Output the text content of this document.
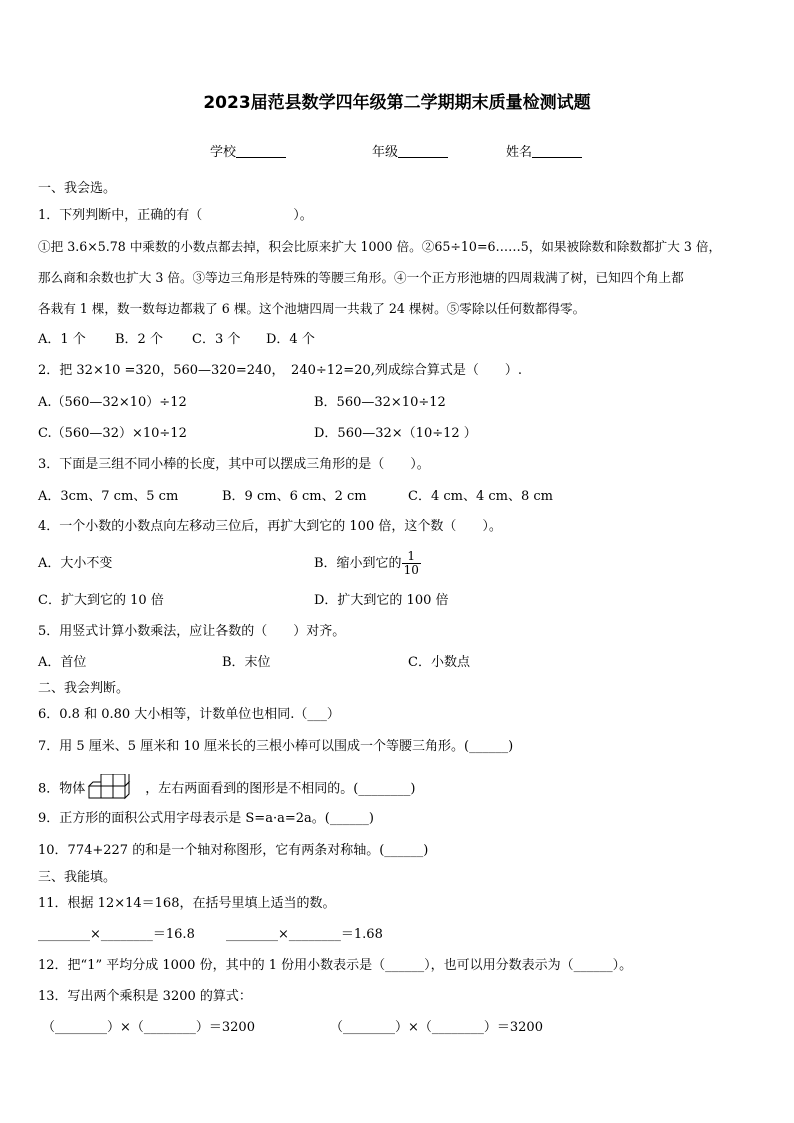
2023届范县数学四年级第二学期期末质量检测试题
学校	年级	姓名
一、我会选。
1．下列判断中，正确的有（　　　　　　　）。
①把 3.6×5.78 中乘数的小数点都去掉，积会比原来扩大 1000 倍。②65÷10=6……5，如果被除数和除数都扩大 3 倍，
那么商和余数也扩大 3 倍。③等边三角形是特殊的等腰三角形。④一个正方形池塘的四周栽满了树，已知四个角上都
各栽有 1 棵，数一数每边都栽了 6 棵。这个池塘四周一共栽了 24 棵树。⑤零除以任何数都得零。
A．1 个 B．2 个 C．3 个 D．4 个
2．把 32×10 =320，560—320=240，　240÷12=20,列成综合算式是（　　）.
A.（560—32×10）÷12	B．560—32×10÷12
C.（560—32）×10÷12	D．560—32×（10÷12 ）
3．下面是三组不同小棒的长度，其中可以摆成三角形的是（　　）。
A．3cm、7 cm、5 cm	B．9 cm、6 cm、2 cm	C．4 cm、4 cm、8 cm
4．一个小数的小数点向左移动三位后，再扩大到它的 100 倍，这个数（　　）。
A．大小不变	B．缩小到它的 $\frac{1}{10}$
C．扩大到它的 10 倍	D．扩大到它的 100 倍
5．用竖式计算小数乘法，应让各数的（　　）对齐。
A．首位	B．末位	C．小数点
二、我会判断。
6．0.8 和 0.80 大小相等，计数单位也相同.（___）
7．用 5 厘米、5 厘米和 10 厘米长的三根小棒可以围成一个等腰三角形。(______)
8．物体	，左右两面看到的图形是不相同的。(________)
9．正方形的面积公式用字母表示是 S=a·a=2a。(______)
10．774+227 的和是一个轴对称图形，它有两条对称轴。(______)
三、我能填。
11．根据 12×14＝168，在括号里填上适当的数。
________×________＝16.8 ________×________＝1.68
12．把“1” 平均分成 1000 份，其中的 1 份用小数表示是（______），也可以用分数表示为（______）。
13．写出两个乘积是 3200 的算式：
（________）×（________）＝3200	（________）×（________）＝3200
